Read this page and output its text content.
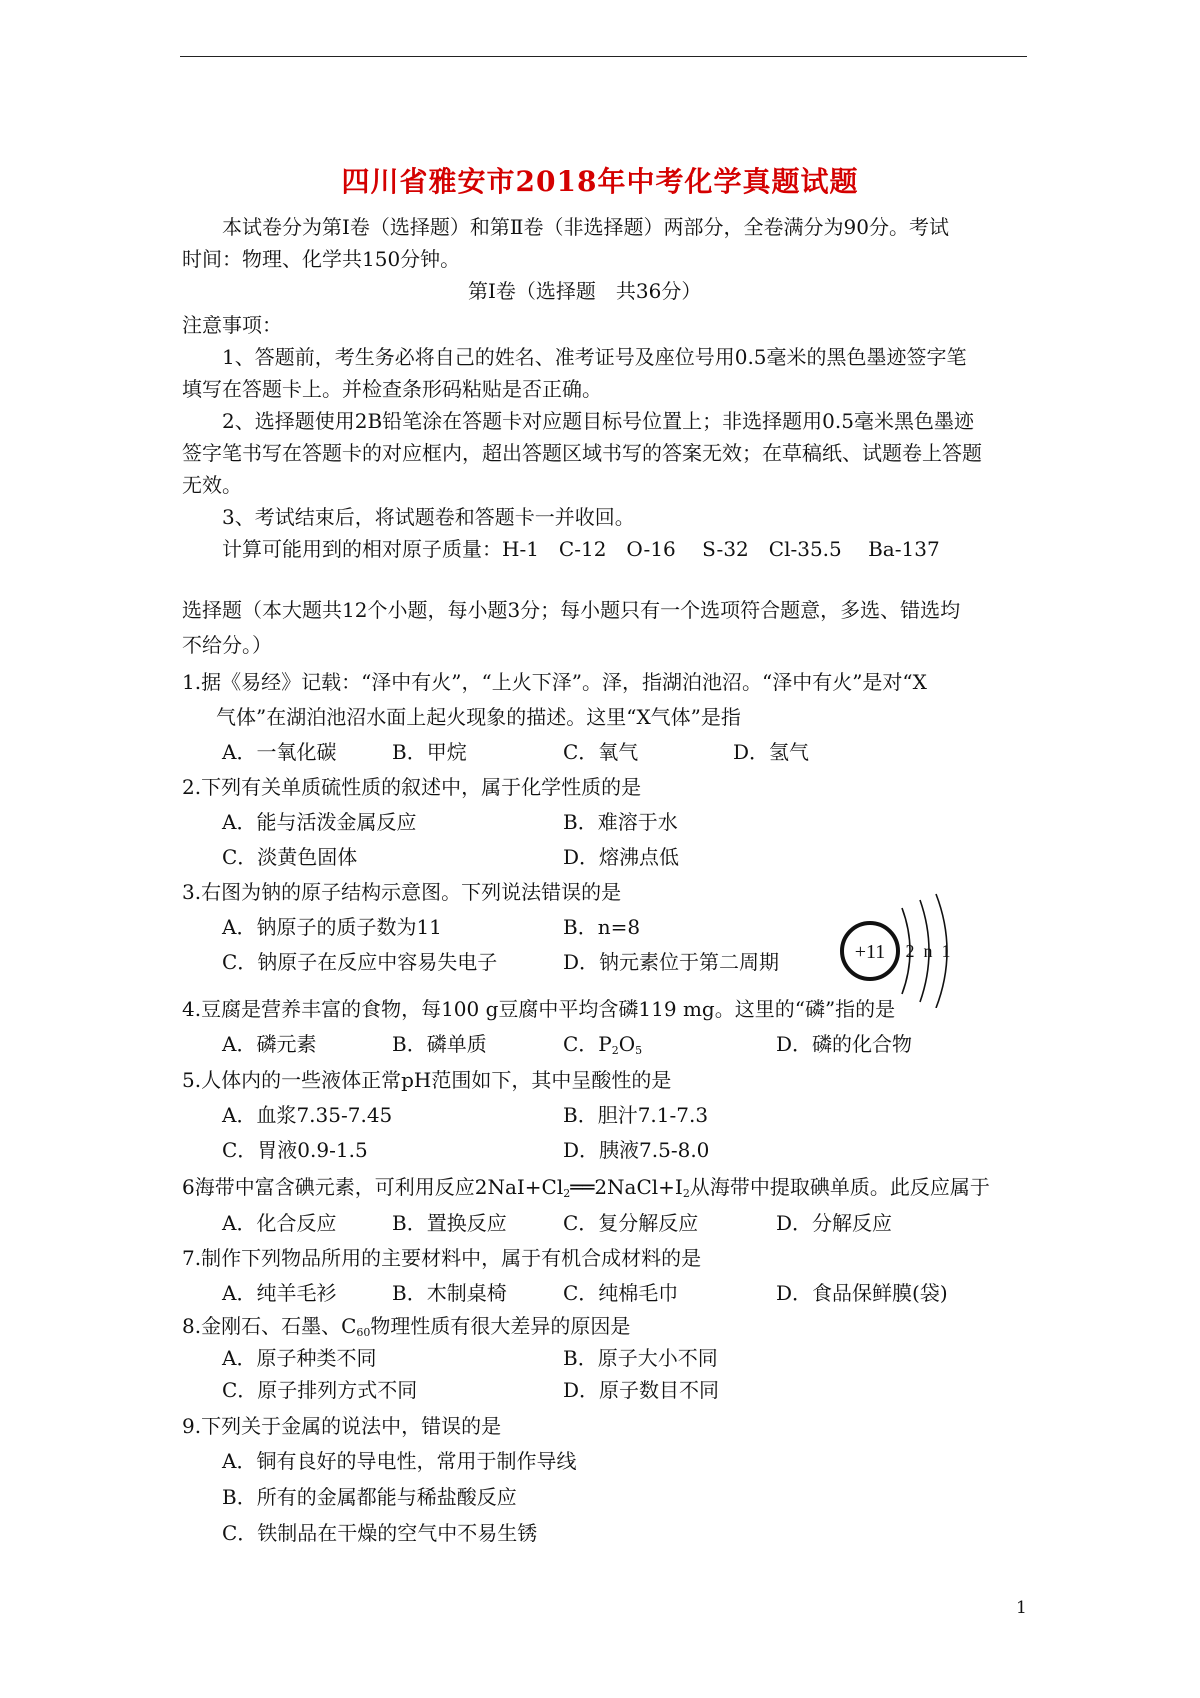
四川省雅安市2018年中考化学真题试题
本试卷分为第Ⅰ卷（选择题）和第Ⅱ卷（非选择题）两部分，全卷满分为90分。考试
时间：物理、化学共150分钟。
第Ⅰ卷（选择题　共36分）
注意事项：
1、答题前，考生务必将自己的姓名、准考证号及座位号用0.5毫米的黑色墨迹签字笔
填写在答题卡上。并检查条形码粘贴是否正确。
2、选择题使用2B铅笔涂在答题卡对应题目标号位置上；非选择题用0.5毫米黑色墨迹
签字笔书写在答题卡的对应框内，超出答题区域书写的答案无效；在草稿纸、试题卷上答题
无效。
3、考试结束后，将试题卷和答题卡一并收回。
计算可能用到的相对原子质量：H-1　C-12　O-16　 S-32　Cl-35.5　 Ba-137
选择题（本大题共12个小题，每小题3分；每小题只有一个选项符合题意，多选、错选均
不给分。）
1.据《易经》记载：“泽中有火”，“上火下泽”。泽，指湖泊池沼。“泽中有火”是对“X
气体”在湖泊池沼水面上起火现象的描述。这里“X气体”是指
A．一氧化碳	B．甲烷	C．氧气	D．氢气
2.下列有关单质硫性质的叙述中，属于化学性质的是
A．能与活泼金属反应	B．难溶于水
C．淡黄色固体	D．熔沸点低
3.右图为钠的原子结构示意图。下列说法错误的是
A．钠原子的质子数为11	B．n=8
C．钠原子在反应中容易失电子	D．钠元素位于第二周期	+11 2 n 1
4.豆腐是营养丰富的食物，每100 g豆腐中平均含磷119 mg。这里的“磷”指的是
A．磷元素	B．磷单质	C．$P_2O_5$	D．磷的化合物
5.人体内的一些液体正常pH范围如下，其中呈酸性的是
A．血浆7.35-7.45	B．胆汁7.1-7.3
C．胃液0.9-1.5	D．胰液7.5-8.0
6海带中富含碘元素，可利用反应$2NaI+Cl_2══2NaCl+I_2$从海带中提取碘单质。此反应属于
A．化合反应	B．置换反应	C．复分解反应	D．分解反应
7.制作下列物品所用的主要材料中，属于有机合成材料的是
A．纯羊毛衫	B．木制桌椅	C．纯棉毛巾	D．食品保鲜膜(袋)
8.金刚石、石墨、$C_{60}$物理性质有很大差异的原因是
A．原子种类不同	B．原子大小不同
C．原子排列方式不同	D．原子数目不同
9.下列关于金属的说法中，错误的是
A．铜有良好的导电性，常用于制作导线
B．所有的金属都能与稀盐酸反应
C．铁制品在干燥的空气中不易生锈
1
